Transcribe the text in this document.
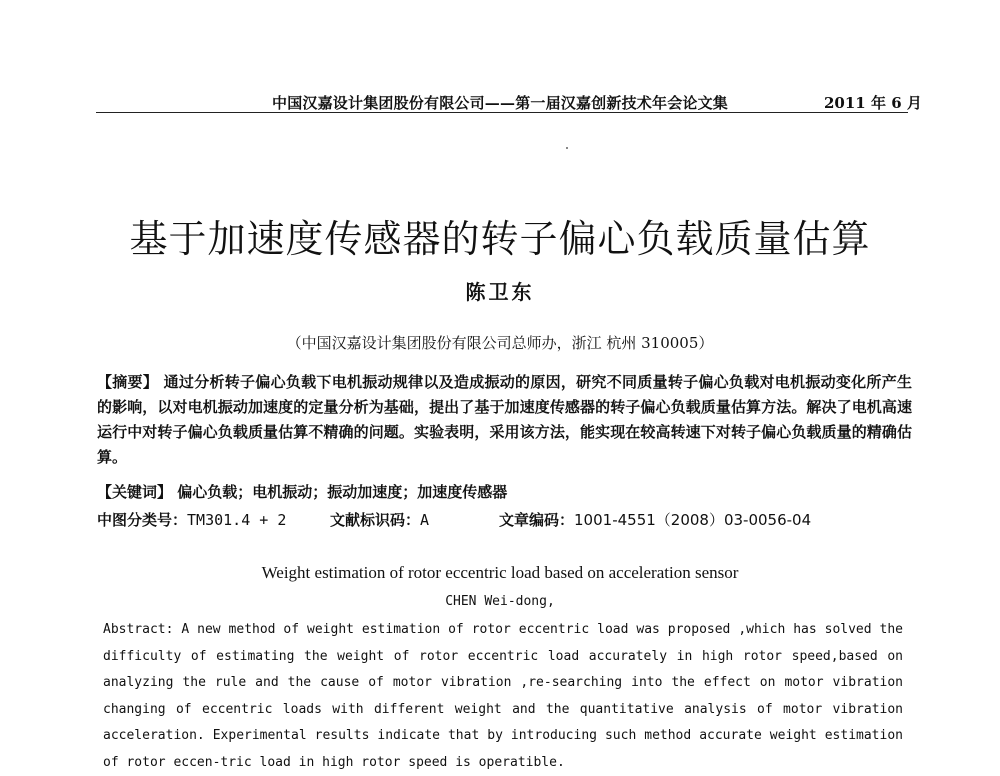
中国汉嘉设计集团股份有限公司——第一届汉嘉创新技术年会论文集	2011 年 6 月
基于加速度传感器的转子偏心负载质量估算
陈卫东
（中国汉嘉设计集团股份有限公司总师办，浙江 杭州 310005）
【摘要】 通过分析转子偏心负载下电机振动规律以及造成振动的原因，研究不同质量转子偏心负载对电机振动变化所产生的影响，以对电机振动加速度的定量分析为基础，提出了基于加速度传感器的转子偏心负载质量估算方法。解决了电机高速运行中对转子偏心负载质量估算不精确的问题。实验表明，采用该方法，能实现在较高转速下对转子偏心负载质量的精确估算。
【关键词】 偏心负载；电机振动；振动加速度；加速度传感器
中图分类号：TM301.4 + 2	文献标识码：A	文章编码：1001-4551（2008）03-0056-04
Weight estimation of rotor eccentric load based on acceleration sensor
CHEN Wei-dong,
Abstract: A new method of weight estimation of rotor eccentric load was proposed ,which has solved the difficulty of estimating the weight of rotor eccentric load accurately in high rotor speed,based on analyzing the rule and the cause of motor vibration ,re-searching into the effect on motor vibration changing of eccentric loads with different weight and the quantitative analysis of motor vibration acceleration. Experimental results indicate that by introducing such method accurate weight estimation of rotor eccen-tric load in high rotor speed is operatible.
